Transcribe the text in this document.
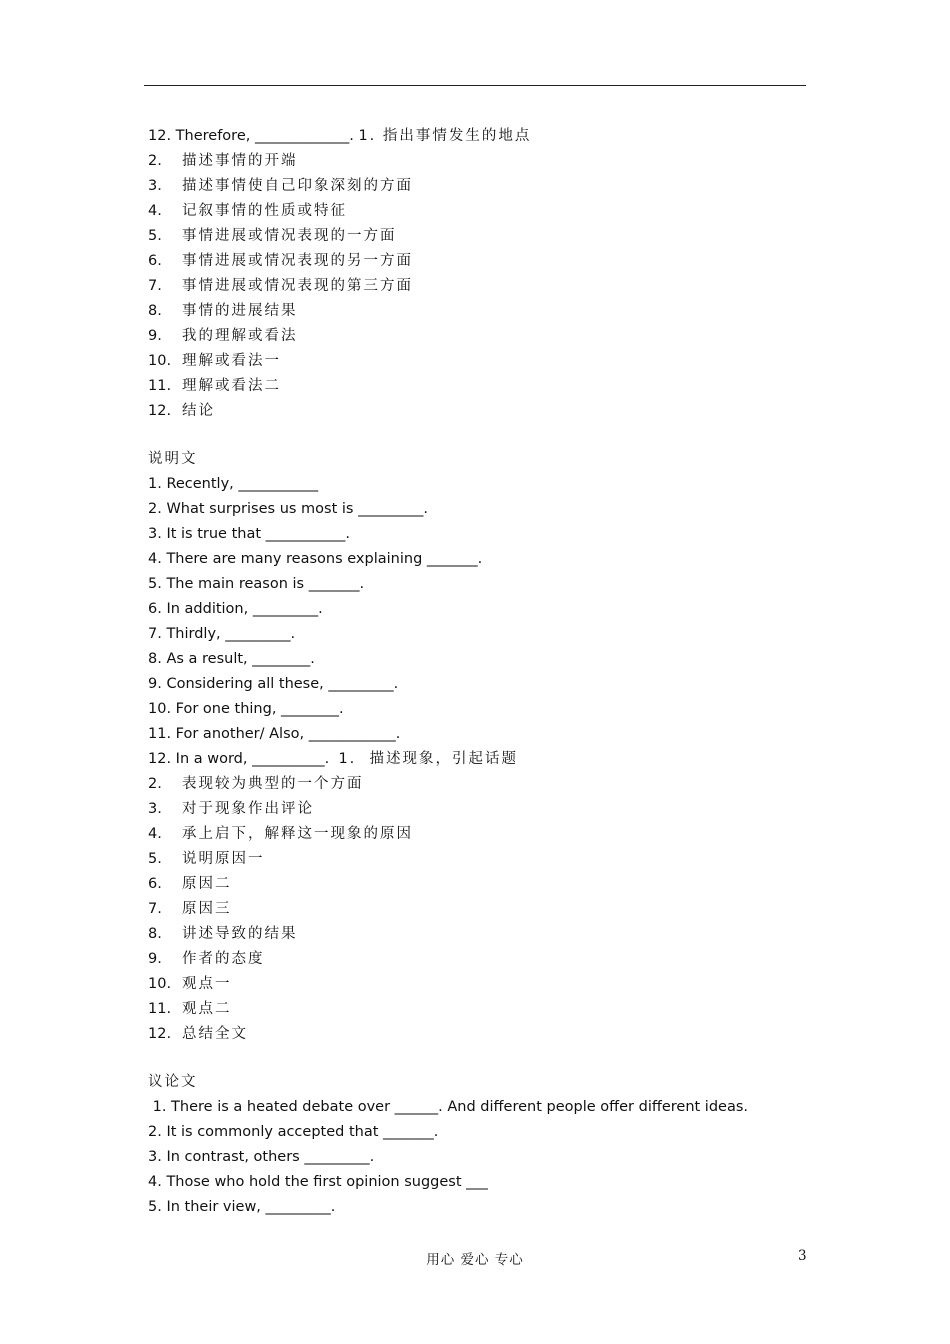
12. Therefore, _____________. 1. 指出事情发生的地点
2. 描述事情的开端
3. 描述事情使自己印象深刻的方面
4. 记叙事情的性质或特征
5. 事情进展或情况表现的一方面
6. 事情进展或情况表现的另一方面
7. 事情进展或情况表现的第三方面
8. 事情的进展结果
9. 我的理解或看法
10. 理解或看法一
11. 理解或看法二
12. 结论
说明文
1. Recently, ___________
2. What surprises us most is _________.
3. It is true that ___________.
4. There are many reasons explaining _______.
5. The main reason is _______.
6. In addition, _________.
7. Thirdly, _________.
8. As a result, ________.
9. Considering all these, _________.
10. For one thing, ________.
11. For another/ Also, ____________.
12. In a word, __________.  1.  描述现象，引起话题
2. 表现较为典型的一个方面
3. 对于现象作出评论
4. 承上启下，解释这一现象的原因
5. 说明原因一
6. 原因二
7. 原因三
8. 讲述导致的结果
9. 作者的态度
10. 观点一
11. 观点二
12. 总结全文
议论文
1. There is a heated debate over ______. And different people offer different ideas.
2. It is commonly accepted that _______.
3. In contrast, others _________.
4. Those who hold the first opinion suggest ___
5. In their view, _________.
用心 爱心 专心	3
